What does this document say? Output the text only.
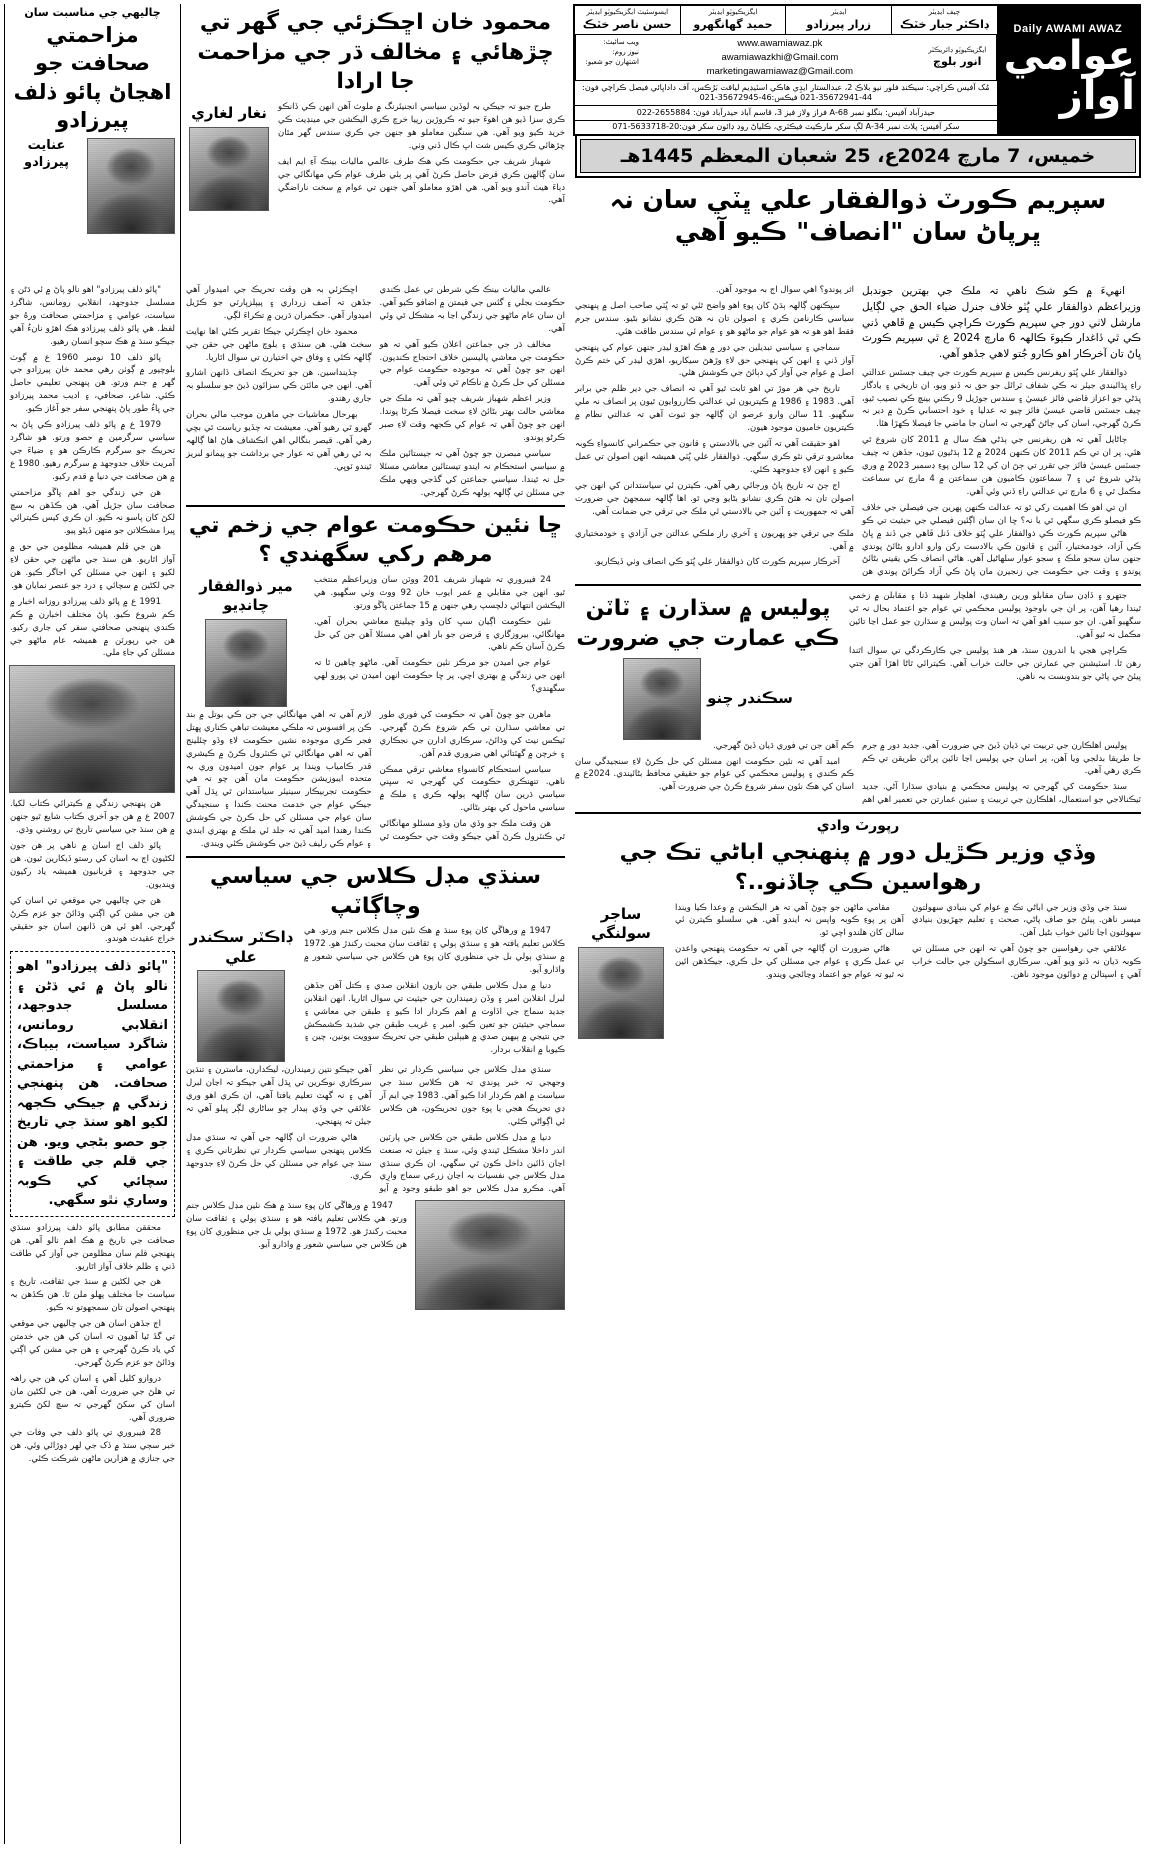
Daily AWAMI AWAZ
عوامي آواز
چيف ايڊيٽر
ڊاڪٽر جبار خٽڪ
ايڊيٽر
زرار پيرزادو
ايگزيڪيوٽِو ايڊيٽر
حميد گهانگهرو
ايسوسئيٽ ايگزيڪيوٽِو ايڊيٽر
حسن ناصر خٽڪ
ايگزيڪيوٽِو ڊائريڪٽر
انور بلوچ
www.awamiawaz.pk
awamiawazkhi@Gmail.com
marketingawamiawaz@Gmail.com
ويب سائيٽ:
نيوز روم:
اشتهارن جو شعبو:
مُک آفيس ڪراچي: سيڪنڊ فلور نيو بلاڪ 2، عبدالستار ايڊِي هاڪي اسٽيڊيم لياقت بَرُڪس، آف داداڀائي فيصل ڪراچي فون: 44-35672941-021 فيڪس:46-35672945-021
حيدرآباد آفيس: بنگلو نمبر 68-A فراز ولاز فيز 3، قاسم آباد حيدرآباد فون: 2655884-022
سکر آفيس: پلاٽ نمبر 34-A لڳ سکر مارڪيٽ فيڪٽري، ڪلياڻ روڊ ڊائون سکر فون:20-5633718-071
خميس، 7 مارچ 2024ع، 25 شعبان المعظم 1445هـ
سپريم ڪورٽ ذوالفقار علي ڀٽي سان نہ ڀرپاڻ سان "انصاف" ڪيو آهي
محمود خان اڇڪزئي جي گهر تي چڙهائي ۽ مخالف ڌر جي مزاحمت جا ارادا

طرح جيو تہ جيڪي بہ لوڏين سياسي انجنيئرنگ ۾ ملوث آهن انهن ڪي ڏانڪو ڪري سزا ڏيو هن اهوءَ جيو تہ ڪروڙين رپيا خرچ ڪري اليڪشن جي مينڊيت ڪي خريد ڪيو ويو آهي. هي سنگين معاملو هو جنهن جي ڪري سندس گهر مٿان چڙهائي ڪري ڪيس شت اڀ ڪال ڏني وٺي.

شهباز شريف جي حڪومت ڪي هڪ طرف عالمي ماليات بينڪ آءِ ايم ايف سان ڳالهين ڪري قرض حاصل ڪرڻ آهي پر ٻئي طرف عوام ڪي مهانگائي جي دٻاءَ هيٺ آندو ويو آهي. هي اهڙو معاملو آهي جنهن تي عوام ۾ سخت ناراضگي آهي.

نغار لغاري
چاليهي جي مناسبت سان
مزاحمتي صحافت جو اهڃاڻ پائو ذلف پيرزادو
عنايت پيرزادو

انهيءَ ۾ ڪو شڪ ناهي تہ ملڪ جي بهترين جوندبل وزيراعظم ذوالفقار علي ڀُٽو خلاف جنرل ضياء الحق جي لڳايل مارشل لاٺي دور جي سپريم ڪورٽ ڪراچي ڪيس ۾ ڦاهي ڏني ڪي ٿي ڏاغدار ڪيوءَ ڪالهہ 6 مارچ 2024 ع ٿي سپريم ڪورٽ ڀاڻ تان آخرڪار اهو ڪارو جُتو لاهي جڏهو آهي.

ذوالفقار علي ڀُٽو ريفرنس ڪيس ۾ سپريم ڪورٽ جي چيف جسٽس عدالتي راءِ ڀڌائيندي جيئر نہ ڪي شفاف ٽرائل جو حق نہ ڏنو ويو، ان تاريخي ۽ يادگار ڀڌڻي جو اعزاز قاضي فائز عيسيٰ ۽ سندس جوڙيل 9 رڪني بينچ ڪي نصيب ٿيو، چيف جسٽس قاضي عيسيٰ فائز چيو تہ عدليا ۽ خود احتسابي ڪرڻ ۾ دير نہ ڪرڻ گهرجي، اسان کي ڄاڻڻ گهرجي تہ اسان جا ماضي جا فيصلا ڪهڙا هئا.

ڄاڻايل آهي تہ هن ريفرنس جي ٻڌڻي هڪ سال ۾ 2011 کان شروع ٿي هئي. پر ان تي ڪم 2011 کان ڪنهن 2024 ۾ 12 ٻڌڻيون ٿيون، جڏهن تہ چيف جسٽس عيسيٰ فائز جي تقرر تي ڄڻ ان کي 12 سالن پوءِ ڊسمبر 2023 ۾ وري ٻڌڻي شروع ٿي ۽ 7 سماعتون ڪاميون هن سماعتن ۾ 4 مارچ تي سماعت مڪمل ٿي ۽ 6 مارچ تي عدالتي راءِ ڏني وئي آهي.

ان تي اهو ڪا اهميت رکي ٿو تہ عدالت ڪنهن پهرين جي فيصلي جي خلاف ڪو فيصلو ڪري سگهي ٿي يا نہ؟ ڇا ان سان اڳئين فيصلي جي حيثيت تي ڪو اثر پوندو؟ اهي سوال اڄ بہ موجود آهن.

سڀڪنهن ڳالهہ ٻڌڻ کان پوءِ اهو واضح ٿئي ٿو تہ ڀُٽي صاحب اصل ۾ پنهنجي سياسي ڪارنامن ڪري ۽ اصولن تان نہ هٽڻ ڪري نشانو بڻيو. سندس جرم فقط اهو هو تہ هو عوام جو ماڻهو هو ۽ عوام ئي سندس طاقت هئي.

سماجي ۽ سياسي تبديلين جي دور ۾ هڪ اهڙو ليڊر جنهن عوام کي پنهنجي آواز ڏني ۽ انهن کي پنهنجي حق لاءِ وڙهڻ سيکاريو، اهڙي ليڊر کي ختم ڪرڻ اصل ۾ عوام جي آواز کي دٻائڻ جي ڪوشش هئي.

تاريخ جي هر موڙ تي اهو ثابت ٿيو آهي تہ انصاف جي دير ظلم جي برابر آهي. 1983 ۽ 1986 ۾ ڪيتريون ئي عدالتي ڪارروايون ٿيون پر انصاف نہ ملي سگهيو. 11 سالن وارو عرصو ان ڳالهہ جو ثبوت آهي تہ عدالتي نظام ۾ ڪيتريون خاميون موجود هيون.

اهو حقيقت آهي تہ آئين جي بالادستي ۽ قانون جي حڪمراني کانسواءِ ڪوبہ معاشرو ترقي نٿو ڪري سگهي. ذوالفقار علي ڀُٽي هميشہ انهن اصولن تي عمل ڪيو ۽ انهن لاءِ جدوجهد ڪئي.

اڄ ڄڻ تہ تاريخ پاڻ ورجائي رهي آهي. ڪيترن ئي سياستدانن کي انهن جي اصولن تان نہ هٽڻ ڪري نشانو بڻايو وڃي ٿو. اها ڳالهہ سمجهڻ جي ضرورت آهي تہ جمهوريت ۽ آئين جي بالادستي ئي ملڪ جي ترقي جي ضمانت آهي.

هاڻي سپريم ڪورٽ ڪي ذوالفقار علي ڀُٽو خلاف ڏنل ڦاهي جي ڏند ۾ ڀاڻ ڪي آزاد، خودمختيار، آئين ۽ قانون ڪي بالادست رکن وارو ادارو بڻائڻ پوندي جنهن سان سجو ملڪ ۽ سجو عوار سلهاڻيل آهي. هاڻي انصاف ڪي يقيني بڻائڻ پوندو ۽ وقت جي حڪومت جي زنجيرن مان ڀاڻ ڪي آزاد ڪرائڻ پوندي هن ملڪ جي ترقي جو ڀهريون ۽ آخري راز ملڪي عدالتن جي آزادي ۽ خودمختياري ۾ آهي.

آخرڪار سپريم ڪورٽ کان ذوالفقار علي ڀُٽو ڪي انصاف وٺي ڏيڪاريو.

جتهرو ۽ ڏاڍن سان مقابلو ورين رهيندي، اهلچار شهيد ڏنا ۽ مقابلن ۾ زخمي ٿيندا رهيا آهن، پر ان جي باوجود پوليس محڪمي تي عوام جو اعتماد بحال نہ ٿي سگهيو آهي. ان جو سبب اهو آهي تہ اسان وٽ پوليس ۾ سڌارن جو عمل اڃا تائين مڪمل نہ ٿيو آهي.

ڪراچي هجي يا اندرون سنڌ، هر هنڌ پوليس جي ڪارڪردگي تي سوال اٿندا رهن ٿا. اسٽيشنن جي عمارتن جي حالت خراب آهي. ڪيترائي ٿاڻا اهڙا آهن جتي پيئڻ جي پاڻي جو بندوبست بہ ناهي.

پوليس ۾ سڌارن ۽ ٽاٽن ڪي عمارت جي ضرورت
سڪندر چنو

پوليس اهلڪارن جي تربيت تي ڌيان ڏيڻ جي ضرورت آهي. جديد دور ۾ جرم جا طريقا بدلجي ويا آهن، پر اسان جي پوليس اڃا تائين پراڻن طريقن تي ڪم ڪري رهي آهي.

سنڌ حڪومت کي گهرجي تہ پوليس محڪمي ۾ بنيادي سڌارا آڻي. جديد ٽيڪنالاجي جو استعمال، اهلڪارن جي تربيت ۽ سٺين عمارتن جي تعمير اهي اهم ڪم آهن جن تي فوري ڌيان ڏيڻ گهرجي.

اميد آهي تہ نئين حڪومت انهن مسئلن کي حل ڪرڻ لاءِ سنجيدگي سان ڪم ڪندي ۽ پوليس محڪمي کي عوام جو حقيقي محافظ بڻائيندي. 2024ع ۾ اسان کي هڪ نئون سفر شروع ڪرڻ جي ضرورت آهي.

رپورٽ وادي
وڏي وزير ڪڙيل دور ۾ پنهنجي اباڻي تڪ جي رهواسين ڪي چاڏنو..؟

سنڌ جي وڏي وزير جي اباڻي تڪ ۾ عوام کي بنيادي سهولتون ميسر ناهن. پيئڻ جو صاف پاڻي، صحت ۽ تعليم جهڙيون بنيادي سهولتون اڃا تائين خواب بڻيل آهن.

علائقي جي رهواسين جو چوڻ آهي تہ انهن جي مسئلن تي ڪوبہ ڌيان نہ ڏنو ويو آهي. سرڪاري اسڪولن جي حالت خراب آهي ۽ اسپتالن ۾ دوائون موجود ناهن.

مقامي ماڻهن جو چوڻ آهي تہ هر اليڪشن ۾ وعدا ڪيا ويندا آهن پر پوءِ ڪوبہ واپس نہ ايندو آهي. هي سلسلو ڪيترن ئي سالن کان هلندو اچي ٿو.

هاڻي ضرورت ان ڳالهہ جي آهي تہ حڪومت پنهنجي واعدن تي عمل ڪري ۽ عوام جي مسئلن کي حل ڪري. جيڪڏهن ائين نہ ٿيو تہ عوام جو اعتماد وڃائجي ويندو.

ساجر سولنگي

عالمي ماليات بينڪ ڪي شرطن تي عمل ڪندي حڪومت بجلي ۽ گئس جي قيمتن ۾ اضافو ڪيو آهي. ان سان عام ماڻهو جي زندگي اڃا بہ مشڪل ٿي وئي آهي.

مخالف ڌر جي جماعتن اعلان ڪيو آهي تہ هو حڪومت جي معاشي پاليسين خلاف احتجاج ڪنديون. انهن جو چوڻ آهي تہ موجوده حڪومت عوام جي مسئلن کي حل ڪرڻ ۾ ناڪام ٿي وئي آهي.

وزير اعظم شهباز شريف چيو آهي تہ ملڪ جي معاشي حالت بهتر بڻائڻ لاءِ سخت فيصلا ڪرڻا پوندا. انهن جو چوڻ آهي تہ عوام کي ڪجهہ وقت لاءِ صبر ڪرڻو پوندو.

سياسي مبصرن جو چوڻ آهي تہ جيستائين ملڪ ۾ سياسي استحڪام نہ ايندو تيستائين معاشي مسئلا حل نہ ٿيندا. سياسي جماعتن کي گڏجي ويهي ملڪ جي مسئلن تي ڳالهہ ٻولهہ ڪرڻ گهرجي.

اڇڪزئي بہ هن وقت تحريڪ جي اميدوار آهي جڏهن تہ آصف زرداري ۽ پيپلزپارٽي جو ڪڙيل اميدوار آهي. حڪمران ڌرين ۾ تڪراءَ لڳي.

محمود خان اڇڪزئي جيڪا تقرير ڪئي اها نهايت سخت هئي. هن سنڌي ۽ بلوچ ماڻهن جي حقن جي ڳالهہ ڪئي ۽ وفاق جي اختيارن تي سوال اٿاريا.

چڏينداسين. هن جو تحريڪ انصاف ڏانهن اشارو آهي. انهن جي مائٽن ڪي سزائون ڏيڻ جو سلسلو بہ جاري رهندو.

بهرحال معاشيات جي ماهرن موجب مالي بحران گهرو ٿي رهيو آهي. معيشت تہ چڏيو رياست ٿي بڇي رهي آهي. قيصر بنگالي اهي انڪشاف هاڻ اها ڳالهہ بہ ٿي رهي آهي تہ عوار جي برداشت جو پيمانو لبريز ٿيندو ٽوڀي.

ڇا نئين حڪومت عوام جي زخم تي مرهم رکي سگهندي ؟

24 فيبروري تہ شهباز شريف 201 ووٽن سان وزيراعظم منتخب ٿيو. انهن جي مقابلي ۾ عمر ايوب خان 92 ووٽ وٺي سگهيو. هي اليڪشن انتهائي دلچسپ رهي جنهن ۾ 15 جماعتن ڀاڱو ورتو.

نئين حڪومت اڳيان سڀ کان وڏو چيلينج معاشي بحران آهي. مهانگائي، بيروزگاري ۽ قرضن جو بار اهي اهي مسئلا آهن جن کي حل ڪرڻ آسان ڪم ناهي.

عوام جي اميدن جو مرڪز نئين حڪومت آهي. ماڻهو چاهين ٿا تہ انهن جي زندگي ۾ بهتري اچي. پر ڇا حڪومت انهن اميدن تي پورو لهي سگهندي؟

مير ذوالفقار چانڊيو

ماهرن جو چوڻ آهي تہ حڪومت کي فوري طور تي معاشي سڌارن تي ڪم شروع ڪرڻ گهرجي. ٽيڪس نيٽ کي وڌائڻ، سرڪاري ادارن جي نجڪاري ۽ خرچن ۾ گهٽتائي اهي ضروري قدم آهن.

سياسي استحڪام کانسواءِ معاشي ترقي ممڪن ناهي. تنهنڪري حڪومت کي گهرجي تہ سڀني سياسي ڌرين سان ڳالهہ ٻولهہ ڪري ۽ ملڪ ۾ سياسي ماحول کي بهتر بڻائي.

هن وقت ملڪ جو وڏي مان وڏو مسئلو مهانگائي ٿي ڪنٽرول ڪرڻ آهي جيڪو وقت جي حڪومت ٿي لازم آهي تہ اهي مهانگائي جي جن ڪي بوتل ۾ بند ڪن پر افسوس تہ ملڪي معيشت تباهي ڪناري ڀهتل فجر ڪري موجوده نشين حڪومت لاءِ وڏو چئلينج آهي تہ اهي مهانگائي ٿي ڪنٽرول ڪرڻ ۾ ڪيشري قدر ڪامياب ويندا پر عوام جون اميدون وري بہ متحده ايبوزيشن حڪومت مان آهن چو تہ هي حڪومت تجربيڪار سينيئر سياستدانن ٿي ڀڌل آهي جيڪي عوام جي خدمت محنت ڪندا ۽ سنجيدگي سان عوام جي مسئلن کي حل ڪرڻ جي ڪوشش ڪندا رهندا اميد آهي تہ جلد ئي ملڪ ۾ بهتري ايندي ۽ عوام ڪي رليف ڏيڻ جي ڪوشش ڪئي ويندي.

سنڌي مڊل ڪلاس جي سياسي وچاڳاٽپ

1947 ۾ ورهاڱي کان پوءِ سنڌ ۾ هڪ نئين مڊل ڪلاس جنم ورتو. هي ڪلاس تعليم يافتہ هو ۽ سنڌي ٻولي ۽ ثقافت سان محبت رکندڙ هو. 1972 ۾ سنڌي ٻولي بل جي منظوري کان پوءِ هن ڪلاس جي سياسي شعور ۾ واڌارو آيو.

دنيا ۾ مڊل ڪلاس طبقي جن بازون انقلابن صدي ۽ ڪتل آهن جڏهن لبرل انقلابن امير ۽ وڏن زميندارن جي حيثيت تي سوال اٿاريا. انهن انقلابن جديد سماج جي اڏاوت ۾ اهم ڪردار ادا ڪيو ۽ طبقن جي معاشي ۽ سماجي حيثيتن جو تعين ڪيو. امير ۽ غريب طبقن جي شديد ڪشمڪش جي نتيجي ۾ ٻيهين صدي ۾ هيٻلين طبقي جي تحريڪ سوويت يونين، چين ۽ ڪيوبا ۾ انقلاب بردار.

ڊاڪٽر سڪندر علي

سنڌي مڊل ڪلاس جي سياسي ڪردار تي نظر وجهجي تہ خبر پوندي تہ هن ڪلاس سنڌ جي سياست ۾ اهم ڪردار ادا ڪيو آهي. 1983 جي ايم آر ڊي تحريڪ هجي يا پوءِ جون تحريڪون، هن ڪلاس ئي اڳواڻي ڪئي.

دنيا ۾ مڊل ڪلاس طبقي جن ڪلاس جي پارٽين اندر داخلا مشڪل ٿيندي وئي، سنڌ ۽ جيئن تہ صنعت اڃان ڏائين داخل ڪون ٿي سگهي، ان ڪري سنڌي مڊل ڪلاس جي نفسيات بہ اڃان زرعي سماج وارِي آهي. مڪرو مڊل ڪلاس جو اهو طبقو وجود ۾ آيو آهي جيڪو نتين زميندارن، ليڪدارن، ماسترن ۽ تنڌين سرڪاري نوڪرين تي ڀڌل آهي جيڪو تہ اڃان لبرل آهي ۽ نہ گهٽ تعليم يافتا آهي، ان ڪري اهو وري علائقي جي وڏي ٻيدار ڄو ساڻاري لڳر ڀيلو آهي تہ جيئن تہ پنهنجي.

هاڻي ضرورت ان ڳالهہ جي آهي تہ سنڌي مڊل ڪلاس پنهنجي سياسي ڪردار تي نظرثاني ڪري ۽ سنڌ جي عوام جي مسئلن کي حل ڪرڻ لاءِ جدوجهد ڪري.

1947 ۾ ورهاڱي کان پوءِ سنڌ ۾ هڪ نئين مڊل ڪلاس جنم ورتو. هي ڪلاس تعليم يافتہ هو ۽ سنڌي ٻولي ۽ ثقافت سان محبت رکندڙ هو. 1972 ۾ سنڌي ٻولي بل جي منظوري کان پوءِ هن ڪلاس جي سياسي شعور ۾ واڌارو آيو.

"پائو ذلف پيرزادو" اهو نالو پاڻ ۾ ئي ڌڻن ۽ مسلسل جدوجهد، انقلابي رومانس، شاگرد سياست، عوامي ۽ مزاحمتي صحافت ورهُ جو لفظ. هي پائو ذلف پيرزادو هڪ اهڙو نانءُ آهي جيڪو سنڌ ۾ هڪ سچو انسان رهيو.

پائو ذلف 10 نومبر 1960 ع ۾ ڳوٺ بلوچپور ۾ ڳوٺن رهي محمد خان پيرزادو جي گهر ۾ جنم ورتو. هن پنهنجي تعليمي حاصل ڪئي. شاعر، صحافي، ۽ اديب محمد پيرزادو جي ڀاءُ طور پاڻ پنهنجي سفر جو آغاز ڪيو.

1979 ع ۾ پائو ذلف پيرزادو ڪي پاڻ بہ سياسي سرگرمين ۾ حصو ورتو. هو شاگرد تحريڪ جو سرگرم ڪارڪن هو ۽ ضياءَ جي آمريت خلاف جدوجهد ۾ سرگرم رهيو. 1980 ع ۾ هن صحافت جي دنيا ۾ قدم رکيو.

هن جي زندگي جو اهم ڀاڱو مزاحمتي صحافت سان جڙيل آهي. هن ڪڏهن بہ سچ لکڻ کان پاسو نہ ڪيو. ان ڪري کيس ڪيترائي ڀيرا مشڪلاتن جو منهن ڏيڻو پيو.

هن جي قلم هميشہ مظلومن جي حق ۾ آواز اٿاريو. هن سنڌ جي ماڻهن جي حقن لاءِ لکيو ۽ انهن جي مسئلن کي اجاگر ڪيو. هن جي لکڻين ۾ سچائي ۽ درد جو عنصر نمايان هو.

1991 ع ۾ پائو ذلف پيرزادو روزانه اخبار ۾ ڪم شروع ڪيو. پاڻ مختلف اخبارن ۾ ڪم ڪندي پنهنجي صحافتي سفر کي جاري رکيو. هن جي رپورٽن ۾ هميشہ عام ماڻهو جي مسئلن کي جاءِ ملي.

هن پنهنجي زندگي ۾ ڪيترائي ڪتاب لکيا. 2007 ع ۾ هن جو آخري ڪتاب شايع ٿيو جنهن ۾ هن سنڌ جي سياسي تاريخ تي روشني وڌي.

پائو ذلف اڄ اسان ۾ ناهي پر هن جون لکڻيون اڄ بہ اسان کي رستو ڏيکارين ٿيون. هن جي جدوجهد ۽ قربانيون هميشہ ياد رکيون وينديون.

هن جي چاليهي جي موقعي تي اسان کي هن جي مشن کي اڳتي وڌائڻ جو عزم ڪرڻ گهرجي. اهو ئي هن ڏانهن اسان جو حقيقي خراج عقيدت هوندو.

"پائو ذلف پيرزادو" اهو نالو پاڻ ۾ ئي ڌڻن ۽ مسلسل جدوجهد، انقلابي رومانس، شاگرد سياست، بيباڪ، عوامي ۽ مزاحمتي صحافت. هن پنهنجي زندگي ۾ جيڪي ڪجهہ لکيو اهو سنڌ جي تاريخ جو حصو بڻجي ويو. هن جي قلم جي طاقت ۽ سچائي کي ڪوبہ وساري نٿو سگهي.

محققن مطابق پائو ذلف پيرزادو سنڌي صحافت جي تاريخ ۾ هڪ اهم نالو آهي. هن پنهنجي قلم سان مظلومن جي آواز کي طاقت ڏني ۽ ظلم خلاف آواز اٿاريو.

هن جي لکڻين ۾ سنڌ جي ثقافت، تاريخ ۽ سياست جا مختلف پهلو ملن ٿا. هن ڪڏهن بہ پنهنجي اصولن تان سمجهوتو نہ ڪيو.

اڄ جڏهن اسان هن جي چاليهي جي موقعي تي گڏ ٿيا آهيون تہ اسان کي هن جي خدمتن کي ياد ڪرڻ گهرجي ۽ هن جي مشن کي اڳتي وڌائڻ جو عزم ڪرڻ گهرجي.

دروازو کليل آهي ۽ اسان کي هن جي راهہ تي هلڻ جي ضرورت آهي. هن جي لکڻين مان اسان کي سکڻ گهرجي تہ سچ لکڻ ڪيترو ضروري آهي.

28 فيبروري تي پائو ذلف جي وفات جي خبر سڄي سنڌ ۾ ڏک جي لهر ڊوڙائي وئي. هن جي جنازي ۾ هزارين ماڻهن شرڪت ڪئي.
